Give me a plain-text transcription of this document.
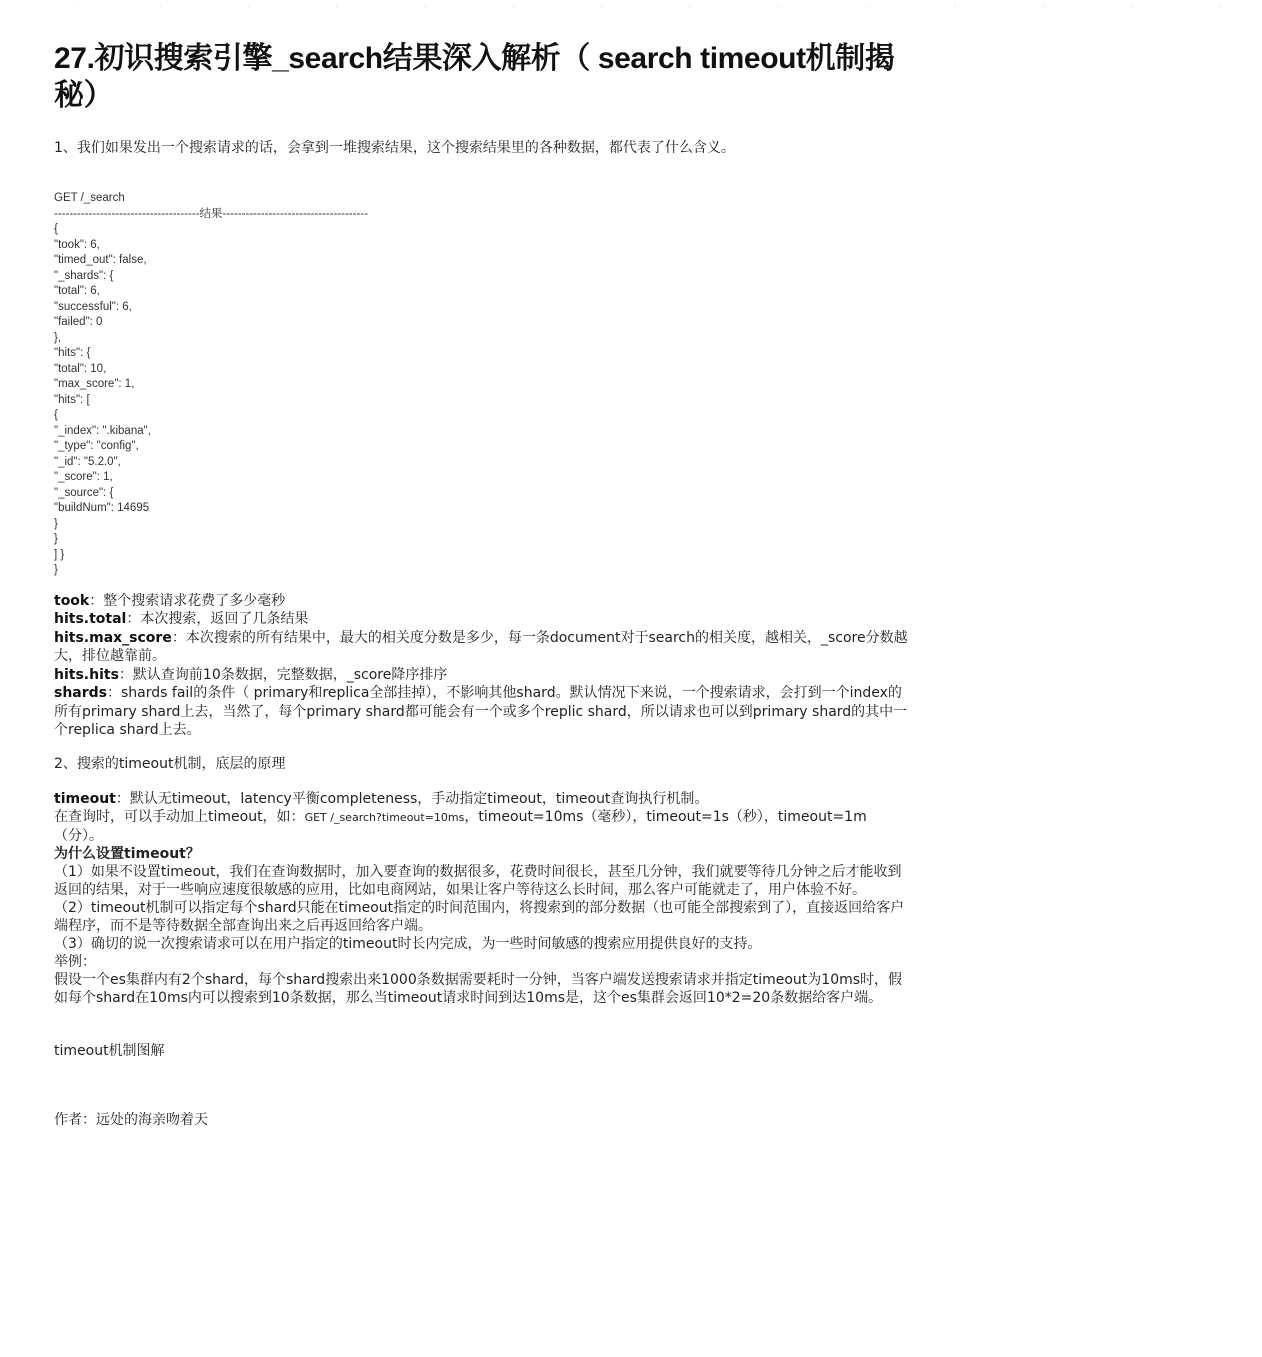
· · · · · · · · · · · · · ·
27.初识搜索引擎_search结果深入解析（ search timeout机制揭秘）
1、我们如果发出一个搜索请求的话，会拿到一堆搜索结果，这个搜索结果里的各种数据，都代表了什么含义。
GET /_search
--------------------------------------结果--------------------------------------
{
"took": 6,
"timed_out": false,
"_shards": {
"total": 6,
"successful": 6,
"failed": 0
},
"hits": {
"total": 10,
"max_score": 1,
"hits": [
{
"_index": ".kibana",
"_type": "config",
"_id": "5.2.0",
"_score": 1,
"_source": {
"buildNum": 14695
}
}
] }
}

took：整个搜索请求花费了多少毫秒

hits.total：本次搜索，返回了几条结果

hits.max_score：本次搜索的所有结果中，最大的相关度分数是多少，每一条document对于search的相关度，越相关，_score分数越大，排位越靠前。

hits.hits：默认查询前10条数据，完整数据，_score降序排序

shards：shards fail的条件（ primary和replica全部挂掉），不影响其他shard。默认情况下来说，一个搜索请求，会打到一个index的所有primary shard上去，当然了，每个primary shard都可能会有一个或多个replic shard，所以请求也可以到primary shard的其中一个replica shard上去。

2、搜索的timeout机制，底层的原理

timeout：默认无timeout，latency平衡completeness，手动指定timeout，timeout查询执行机制。

在查询时，可以手动加上timeout，如：GET /_search?timeout=10ms，timeout=10ms（毫秒），timeout=1s（秒），timeout=1m（分）。

为什么设置timeout？

（1）如果不设置timeout，我们在查询数据时，加入要查询的数据很多，花费时间很长，甚至几分钟，我们就要等待几分钟之后才能收到返回的结果，对于一些响应速度很敏感的应用，比如电商网站，如果让客户等待这么长时间，那么客户可能就走了，用户体验不好。

（2）timeout机制可以指定每个shard只能在timeout指定的时间范围内，将搜索到的部分数据（也可能全部搜索到了），直接返回给客户端程序，而不是等待数据全部查询出来之后再返回给客户端。

（3）确切的说一次搜索请求可以在用户指定的timeout时长内完成，为一些时间敏感的搜索应用提供良好的支持。

举例：

假设一个es集群内有2个shard，每个shard搜索出来1000条数据需要耗时一分钟，当客户端发送搜索请求并指定timeout为10ms时，假如每个shard在10ms内可以搜索到10条数据，那么当timeout请求时间到达10ms是，这个es集群会返回10*2=20条数据给客户端。

timeout机制图解
作者：远处的海亲吻着天
